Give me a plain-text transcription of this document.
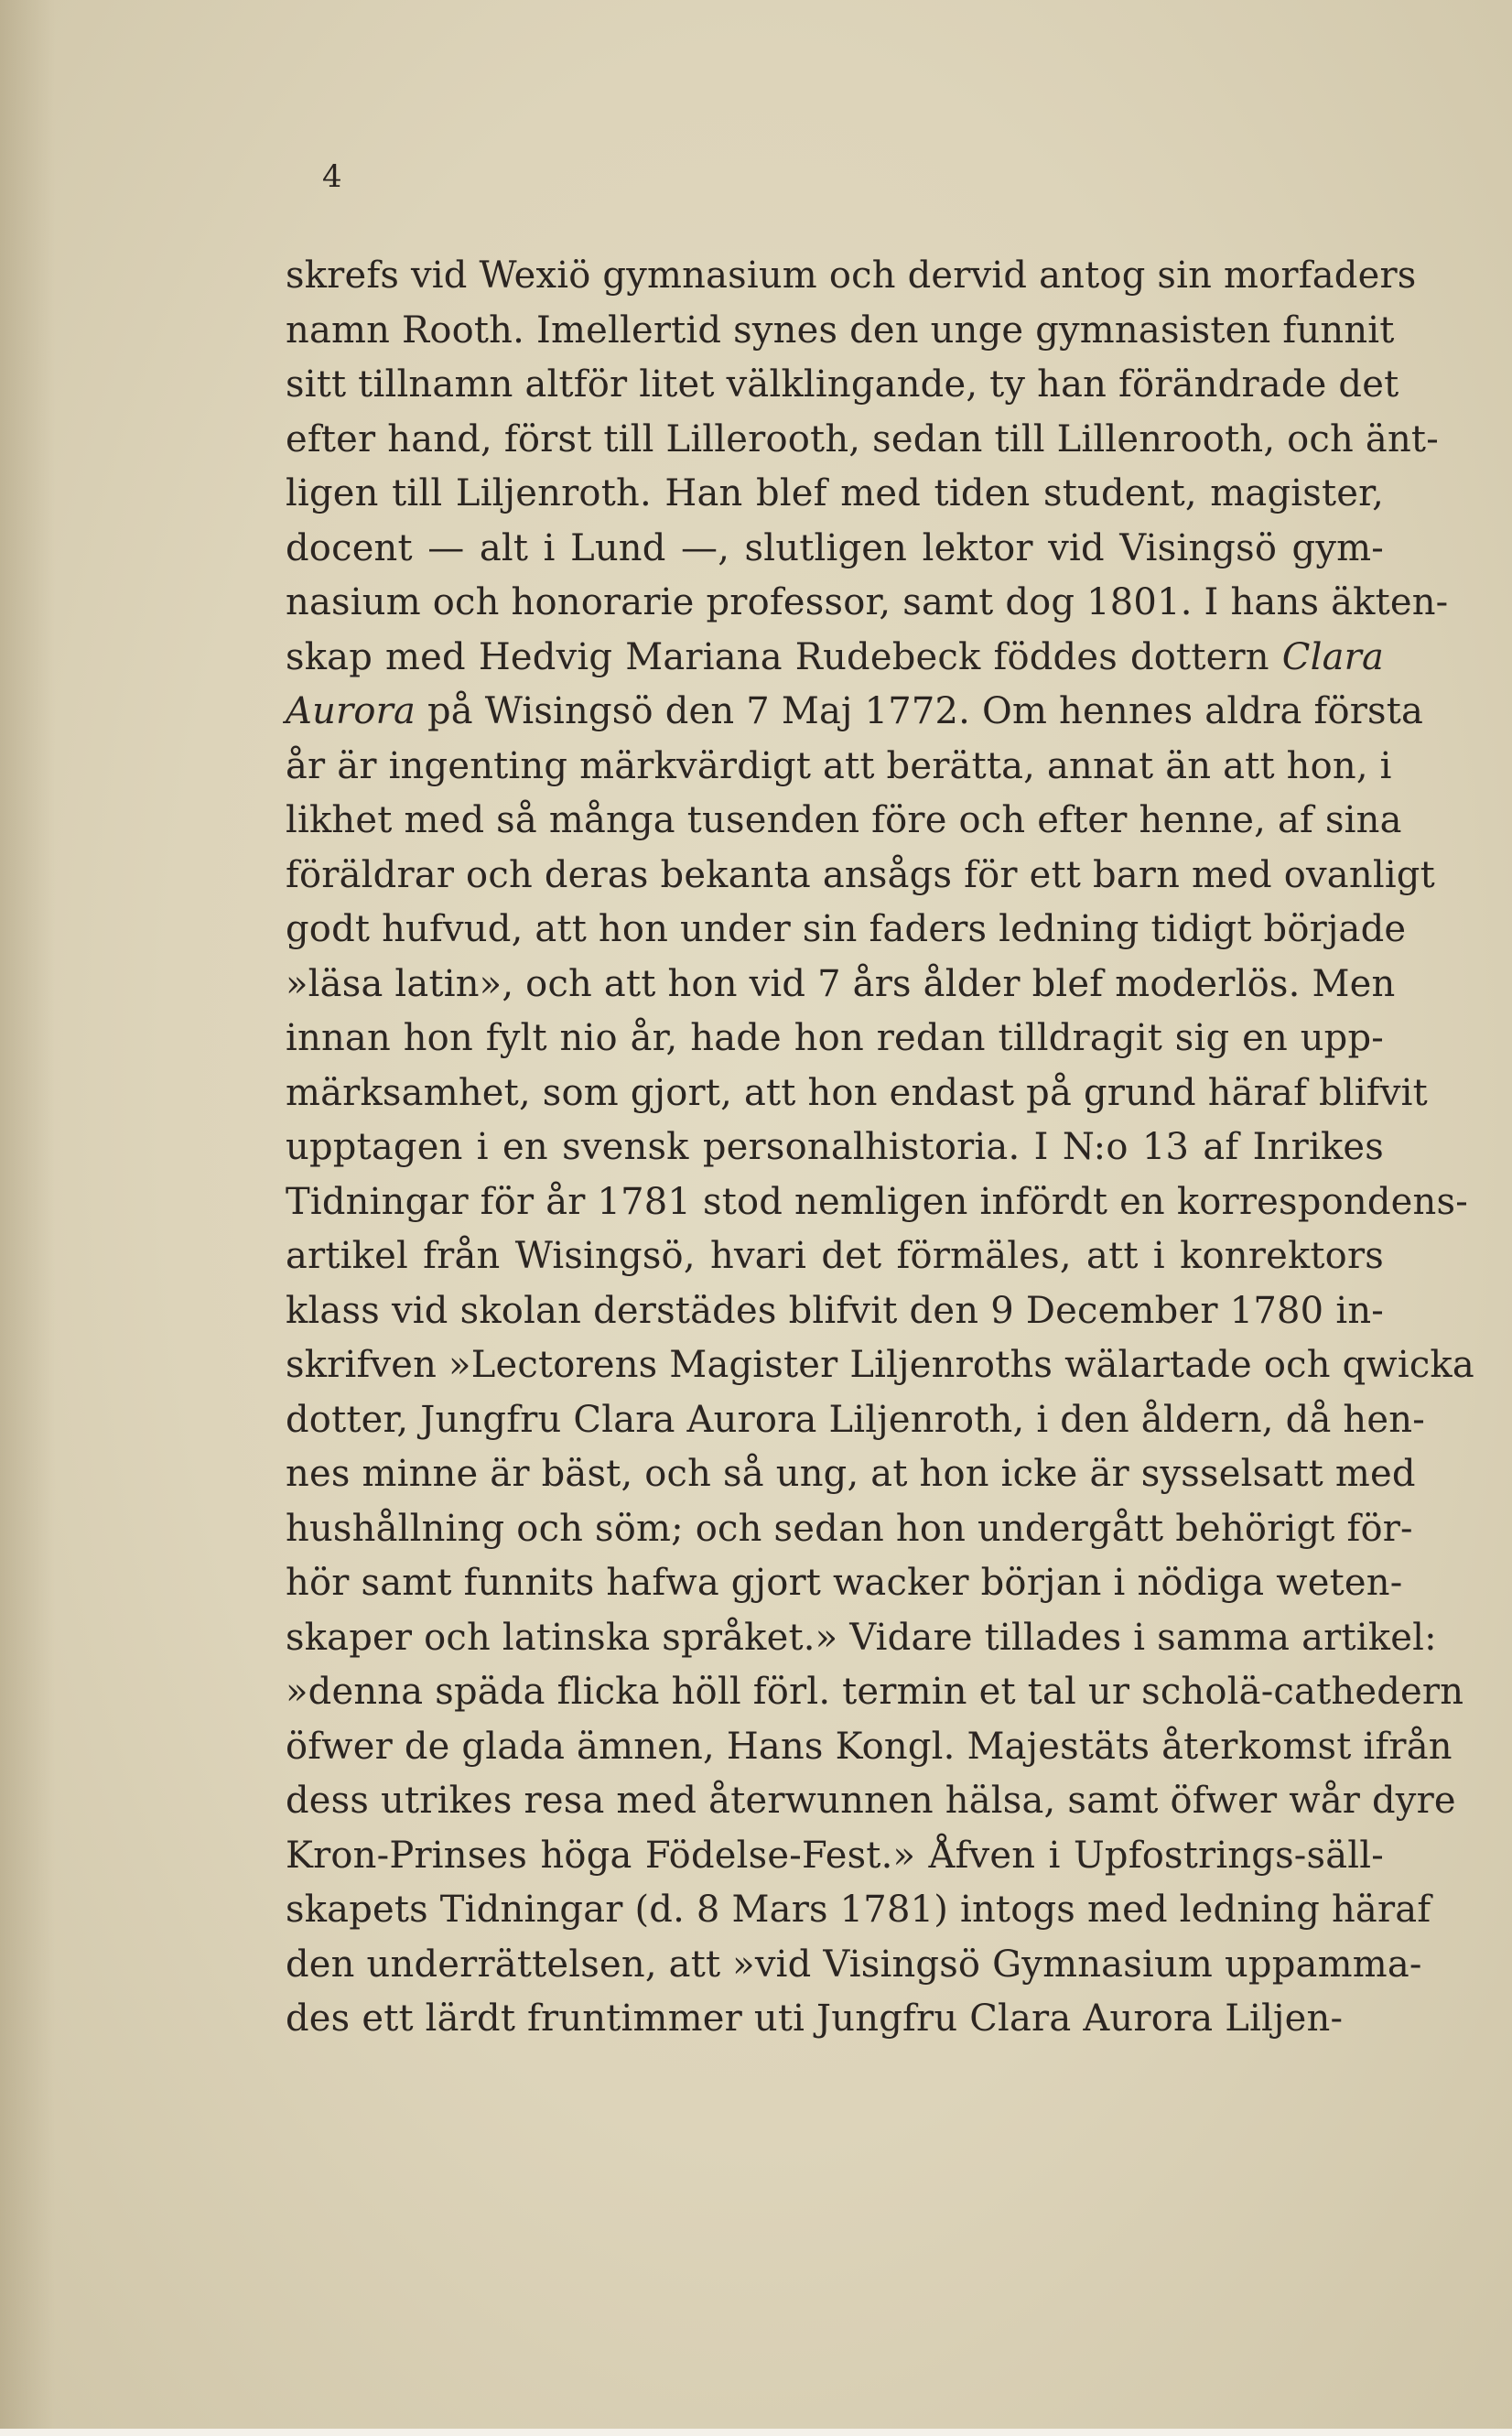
4
skrefs vid Wexiö gymnasium och dervid antog sin morfaders
namn Rooth. Imellertid synes den unge gymnasisten funnit
sitt tillnamn altför litet välklingande, ty han förändrade det
efter hand, först till Lillerooth, sedan till Lillenrooth, och änt-
ligen till Liljenroth. Han blef med tiden student, magister,
docent — alt i Lund —, slutligen lektor vid Visingsö gym-
nasium och honorarie professor, samt dog 1801. I hans äkten-
skap med Hedvig Mariana Rudebeck föddes dottern Clara
Aurora på Wisingsö den 7 Maj 1772. Om hennes aldra första
år är ingenting märkvärdigt att berätta, annat än att hon, i
likhet med så många tusenden före och efter henne, af sina
föräldrar och deras bekanta ansågs för ett barn med ovanligt
godt hufvud, att hon under sin faders ledning tidigt började
»läsa latin», och att hon vid 7 års ålder blef moderlös. Men
innan hon fylt nio år, hade hon redan tilldragit sig en upp-
märksamhet, som gjort, att hon endast på grund häraf blifvit
upptagen i en svensk personalhistoria. I N:o 13 af Inrikes
Tidningar för år 1781 stod nemligen infördt en korrespondens-
artikel från Wisingsö, hvari det förmäles, att i konrektors
klass vid skolan derstädes blifvit den 9 December 1780 in-
skrifven »Lectorens Magister Liljenroths wälartade och qwicka
dotter, Jungfru Clara Aurora Liljenroth, i den åldern, då hen-
nes minne är bäst, och så ung, at hon icke är sysselsatt med
hushållning och söm; och sedan hon undergått behörigt för-
hör samt funnits hafwa gjort wacker början i nödiga weten-
skaper och latinska språket.» Vidare tillades i samma artikel:
»denna späda flicka höll förl. termin et tal ur scholä-cathedern
öfwer de glada ämnen, Hans Kongl. Majestäts återkomst ifrån
dess utrikes resa med återwunnen hälsa, samt öfwer wår dyre
Kron-Prinses höga Födelse-Fest.» Åfven i Upfostrings-säll-
skapets Tidningar (d. 8 Mars 1781) intogs med ledning häraf
den underrättelsen, att »vid Visingsö Gymnasium uppamma-
des ett lärdt fruntimmer uti Jungfru Clara Aurora Liljen-
